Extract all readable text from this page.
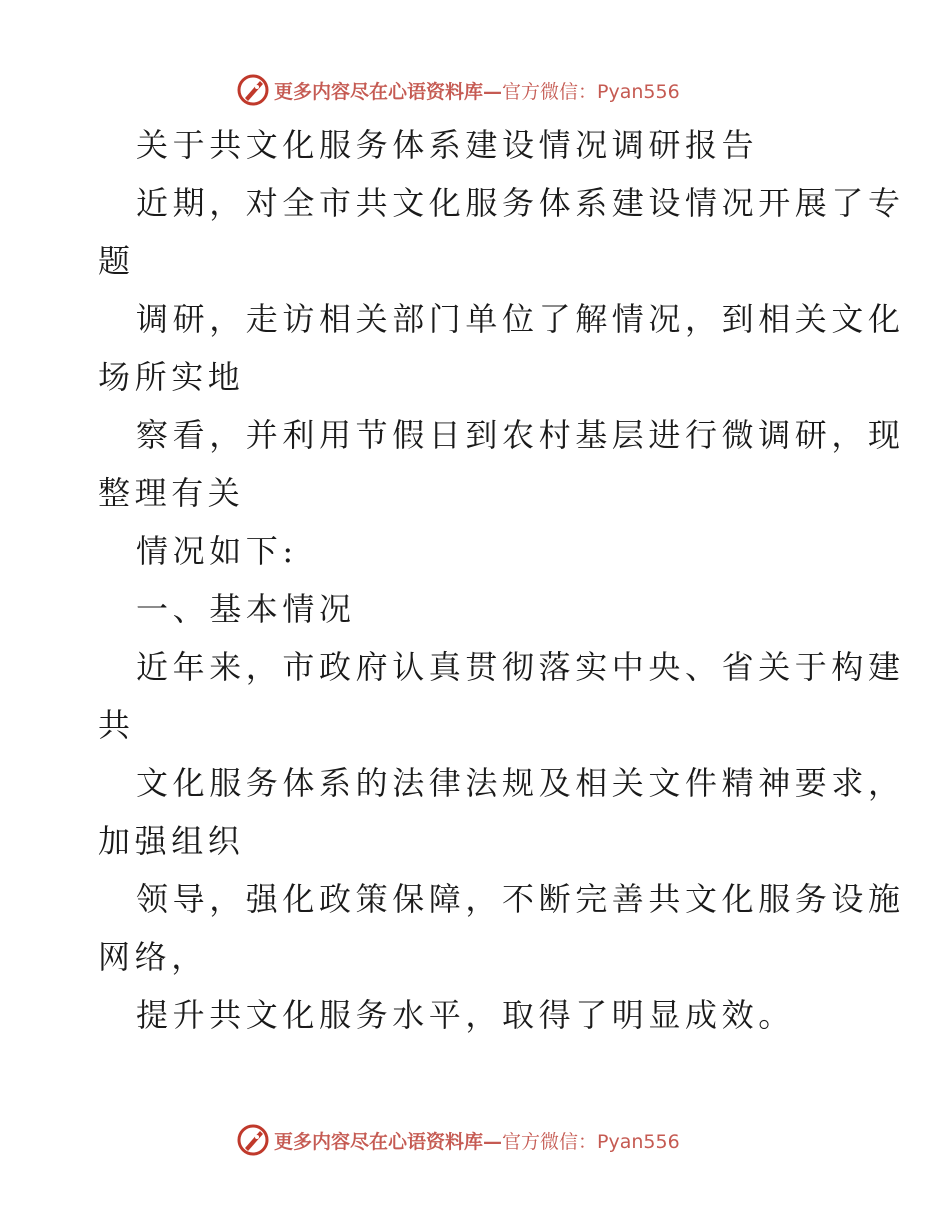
更多内容尽在心语资料库—官方微信：Pyan556
关于共文化服务体系建设情况调研报告
近期，对全市共文化服务体系建设情况开展了专
题
调研，走访相关部门单位了解情况，到相关文化
场所实地
察看，并利用节假日到农村基层进行微调研，现
整理有关
情况如下:
一、基本情况
近年来，市政府认真贯彻落实中央、省关于构建
共
文化服务体系的法律法规及相关文件精神要求，
加强组织
领导，强化政策保障，不断完善共文化服务设施
网络，
提升共文化服务水平，取得了明显成效。
更多内容尽在心语资料库—官方微信：Pyan556
